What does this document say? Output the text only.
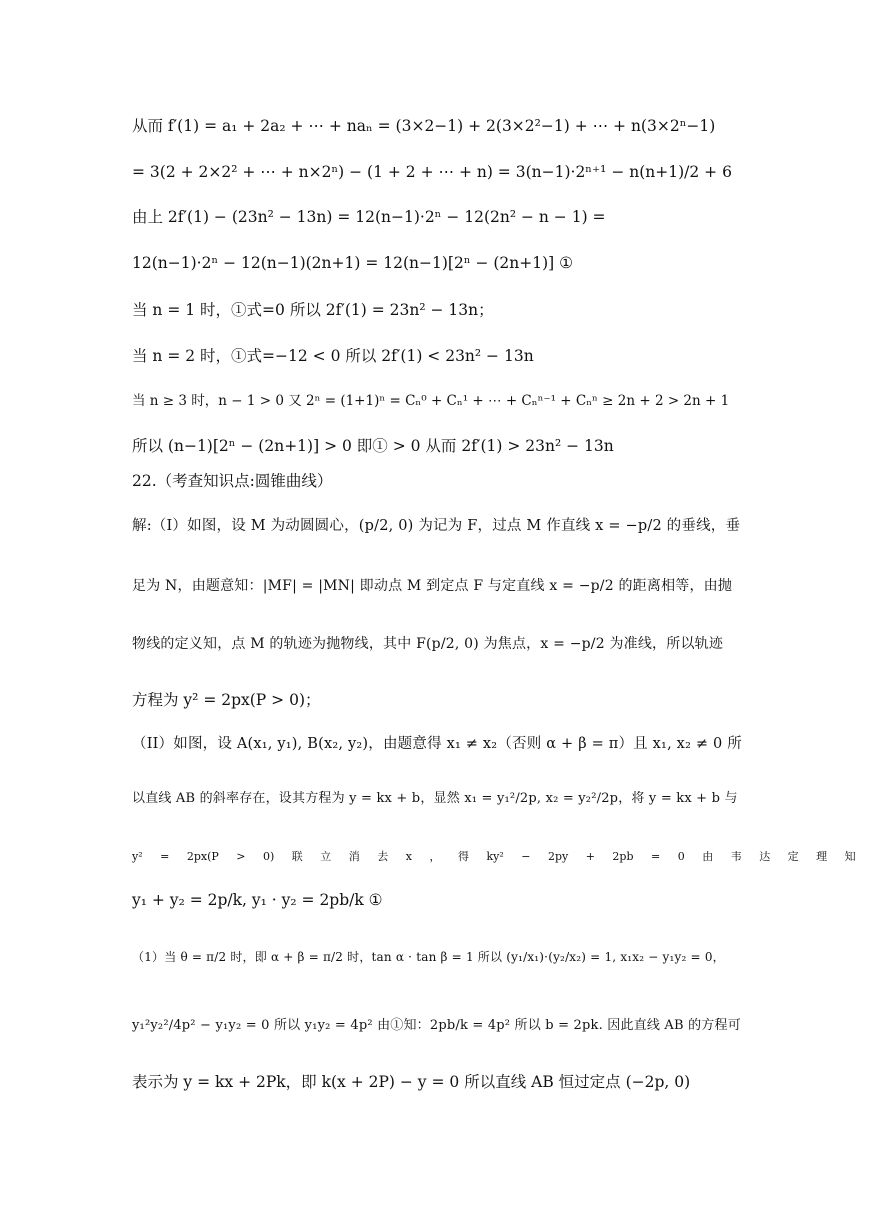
从而 f′(1) = a₁ + 2a₂ + ⋯ + naₙ = (3×2−1) + 2(3×2²−1) + ⋯ + n(3×2ⁿ−1)
= 3(2 + 2×2² + ⋯ + n×2ⁿ) − (1 + 2 + ⋯ + n) = 3(n−1)·2ⁿ⁺¹ − n(n+1)/2 + 6
由上 2f′(1) − (23n² − 13n) = 12(n−1)·2ⁿ − 12(2n² − n − 1) =
12(n−1)·2ⁿ − 12(n−1)(2n+1) = 12(n−1)[2ⁿ − (2n+1)] ①
当 n = 1 时，①式=0 所以 2f′(1) = 23n² − 13n；
当 n = 2 时，①式=−12 < 0 所以 2f′(1) < 23n² − 13n
当 n ≥ 3 时，n − 1 > 0 又 2ⁿ = (1+1)ⁿ = Cₙ⁰ + Cₙ¹ + ⋯ + Cₙⁿ⁻¹ + Cₙⁿ ≥ 2n + 2 > 2n + 1
所以 (n−1)[2ⁿ − (2n+1)] > 0 即① > 0 从而 2f′(1) > 23n² − 13n
22.（考查知识点:圆锥曲线）
解:（I）如图，设 M 为动圆圆心，(p/2, 0) 为记为 F，过点 M 作直线 x = −p/2 的垂线，垂
足为 N，由题意知：|MF| = |MN| 即动点 M 到定点 F 与定直线 x = −p/2 的距离相等，由抛
物线的定义知，点 M 的轨迹为抛物线，其中 F(p/2, 0) 为焦点，x = −p/2 为准线，所以轨迹
方程为 y² = 2px(P > 0)；
（II）如图，设 A(x₁, y₁), B(x₂, y₂)，由题意得 x₁ ≠ x₂（否则 α + β = π）且 x₁, x₂ ≠ 0 所
以直线 AB 的斜率存在，设其方程为 y = kx + b，显然 x₁ = y₁²/2p, x₂ = y₂²/2p，将 y = kx + b 与
y² = 2px(P > 0) 联 立 消 去 x ， 得 ky² − 2py + 2pb = 0 由 韦 达 定 理 知
y₁ + y₂ = 2p/k, y₁ · y₂ = 2pb/k ①
（1）当 θ = π/2 时，即 α + β = π/2 时，tan α · tan β = 1 所以 (y₁/x₁)·(y₂/x₂) = 1, x₁x₂ − y₁y₂ = 0，
y₁²y₂²/4p² − y₁y₂ = 0 所以 y₁y₂ = 4p² 由①知：2pb/k = 4p² 所以 b = 2pk. 因此直线 AB 的方程可
表示为 y = kx + 2Pk，即 k(x + 2P) − y = 0 所以直线 AB 恒过定点 (−2p, 0)
